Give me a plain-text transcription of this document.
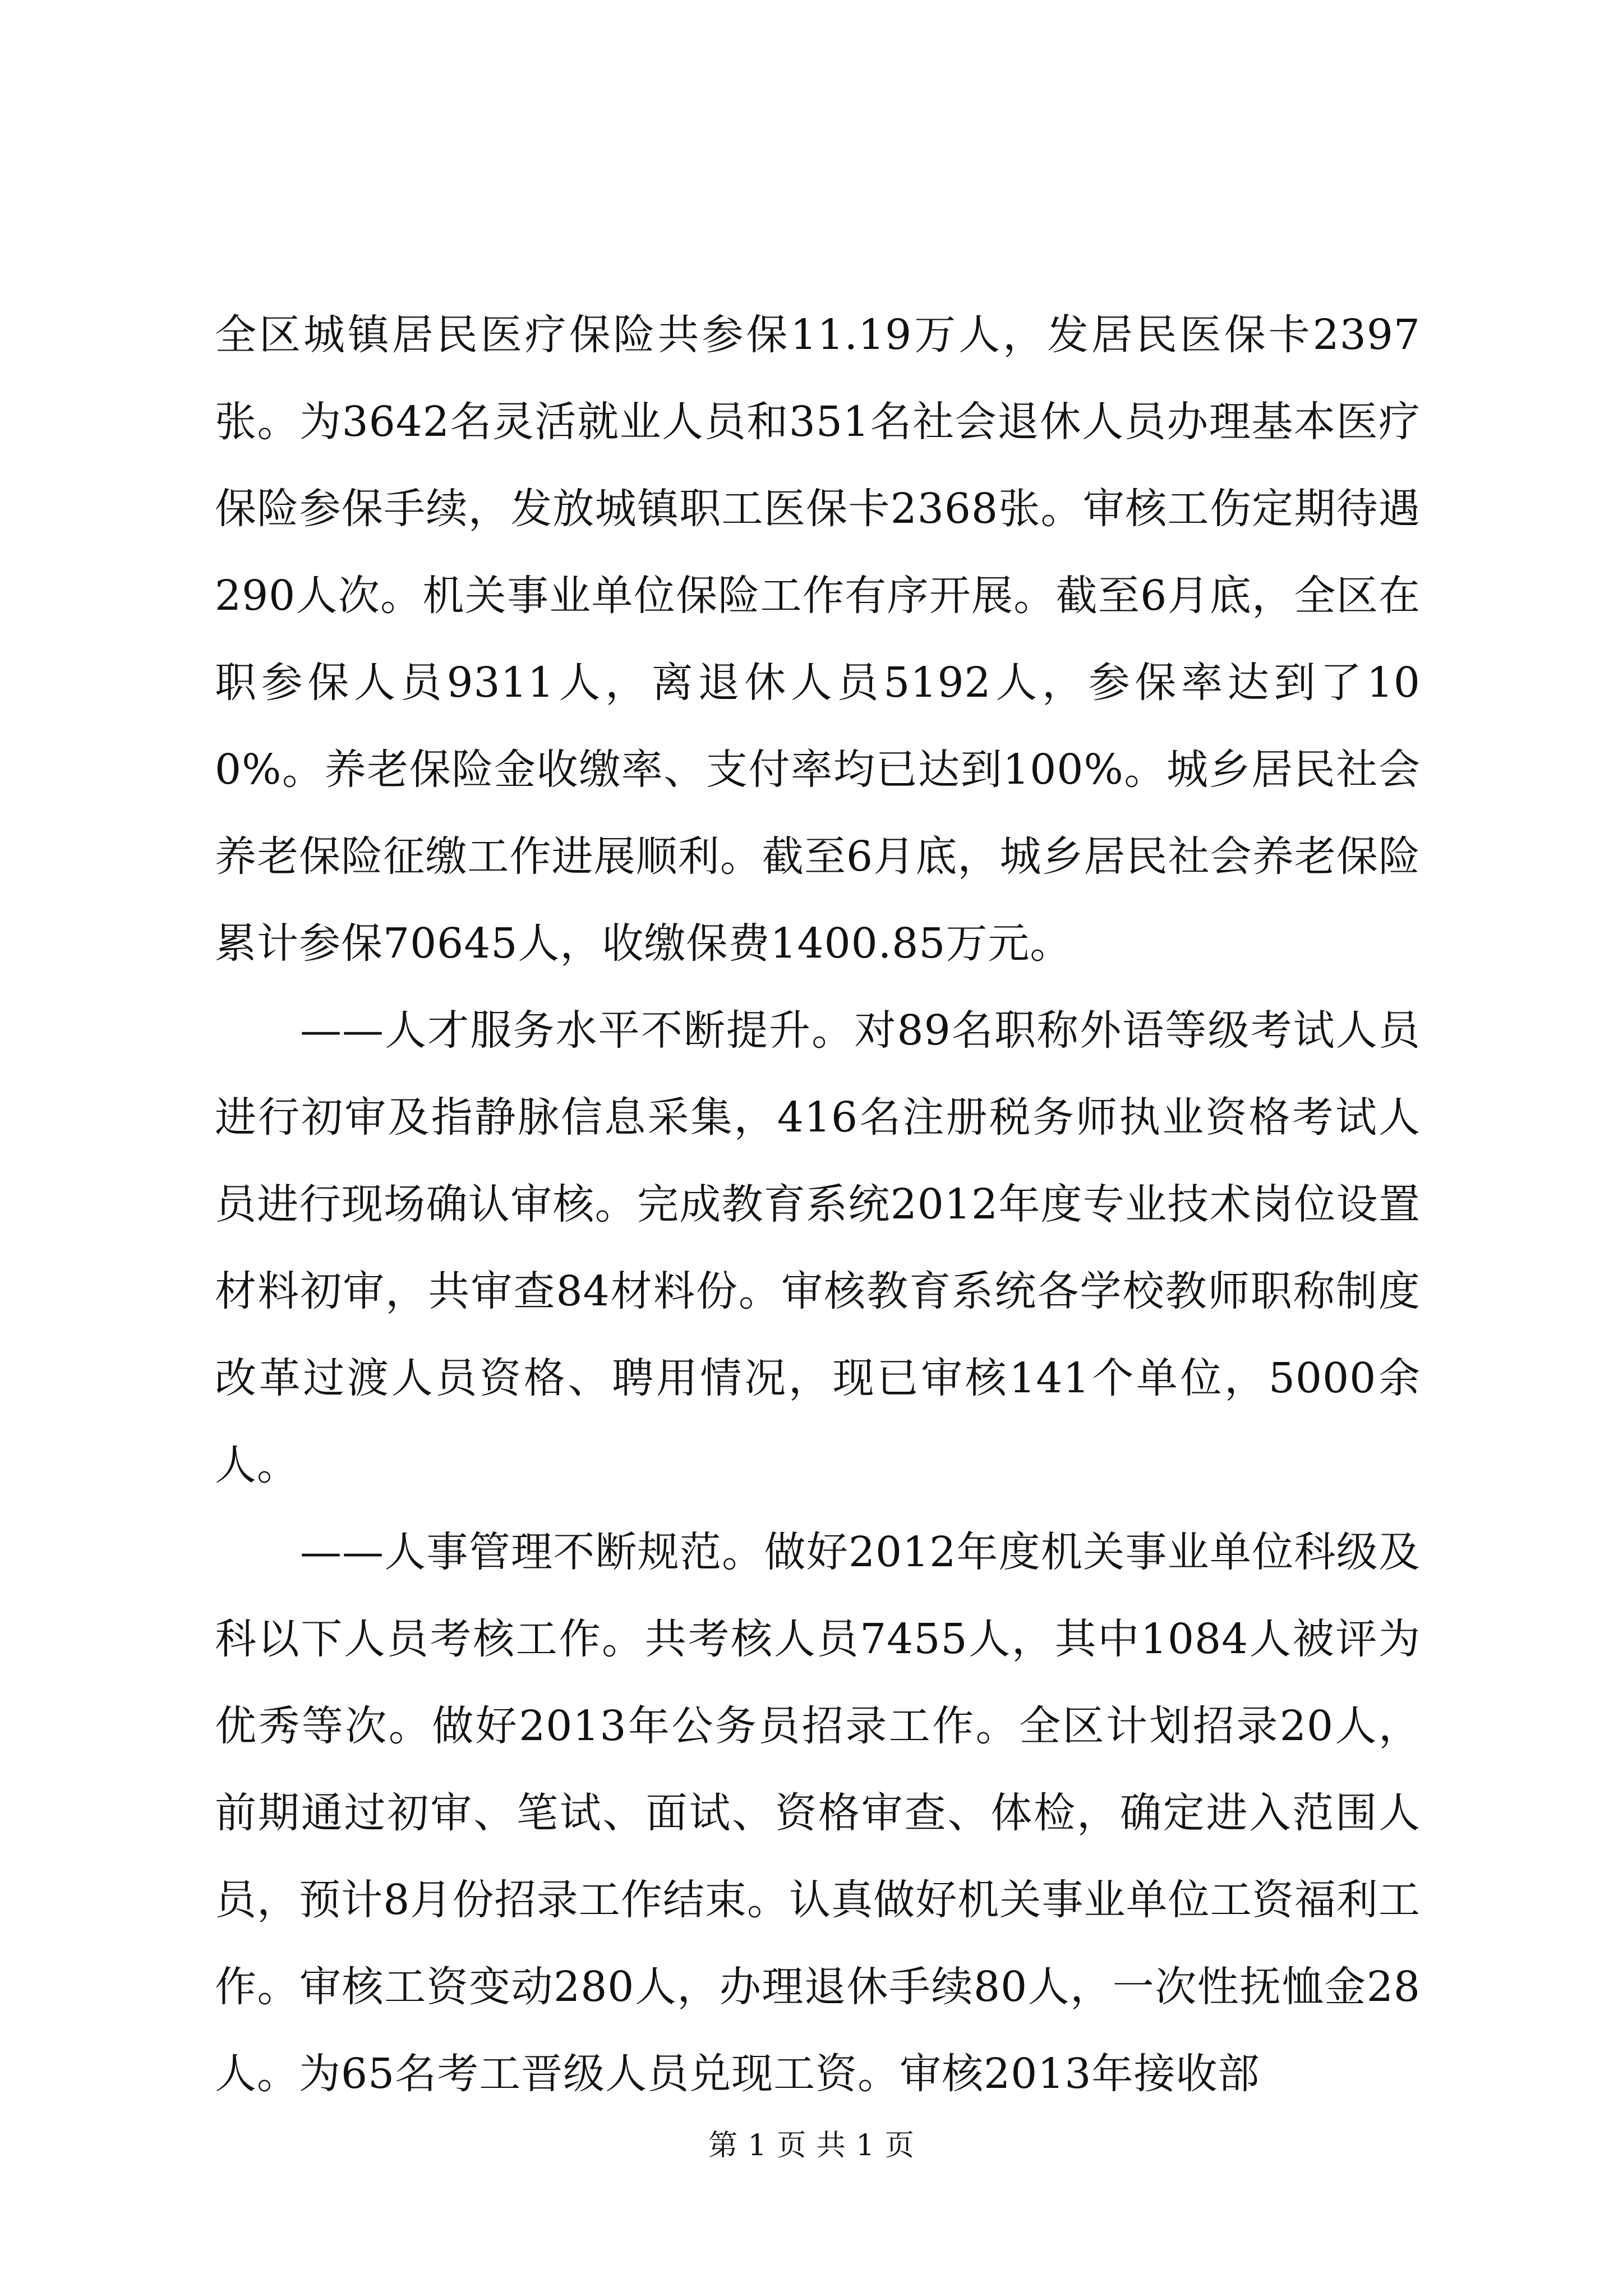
全区城镇居民医疗保险共参保11.19万人，发居民医保卡2397张。为3642名灵活就业人员和351名社会退休人员办理基本医疗保险参保手续，发放城镇职工医保卡2368张。审核工伤定期待遇290人次。机关事业单位保险工作有序开展。截至6月底，全区在职参保人员9311人，离退休人员5192人，参保率达到了100%。养老保险金收缴率、支付率均已达到100%。城乡居民社会养老保险征缴工作进展顺利。截至6月底，城乡居民社会养老保险累计参保70645人，收缴保费1400.85万元。

——人才服务水平不断提升。对89名职称外语等级考试人员进行初审及指静脉信息采集，416名注册税务师执业资格考试人员进行现场确认审核。完成教育系统2012年度专业技术岗位设置材料初审，共审查84材料份。审核教育系统各学校教师职称制度改革过渡人员资格、聘用情况，现已审核141个单位，5000余人。

——人事管理不断规范。做好2012年度机关事业单位科级及科以下人员考核工作。共考核人员7455人，其中1084人被评为优秀等次。做好2013年公务员招录工作。全区计划招录20人，前期通过初审、笔试、面试、资格审查、体检，确定进入范围人员，预计8月份招录工作结束。认真做好机关事业单位工资福利工作。审核工资变动280人，办理退休手续80人，一次性抚恤金28人。为65名考工晋级人员兑现工资。审核2013年接收部

第 1 页 共 1 页
